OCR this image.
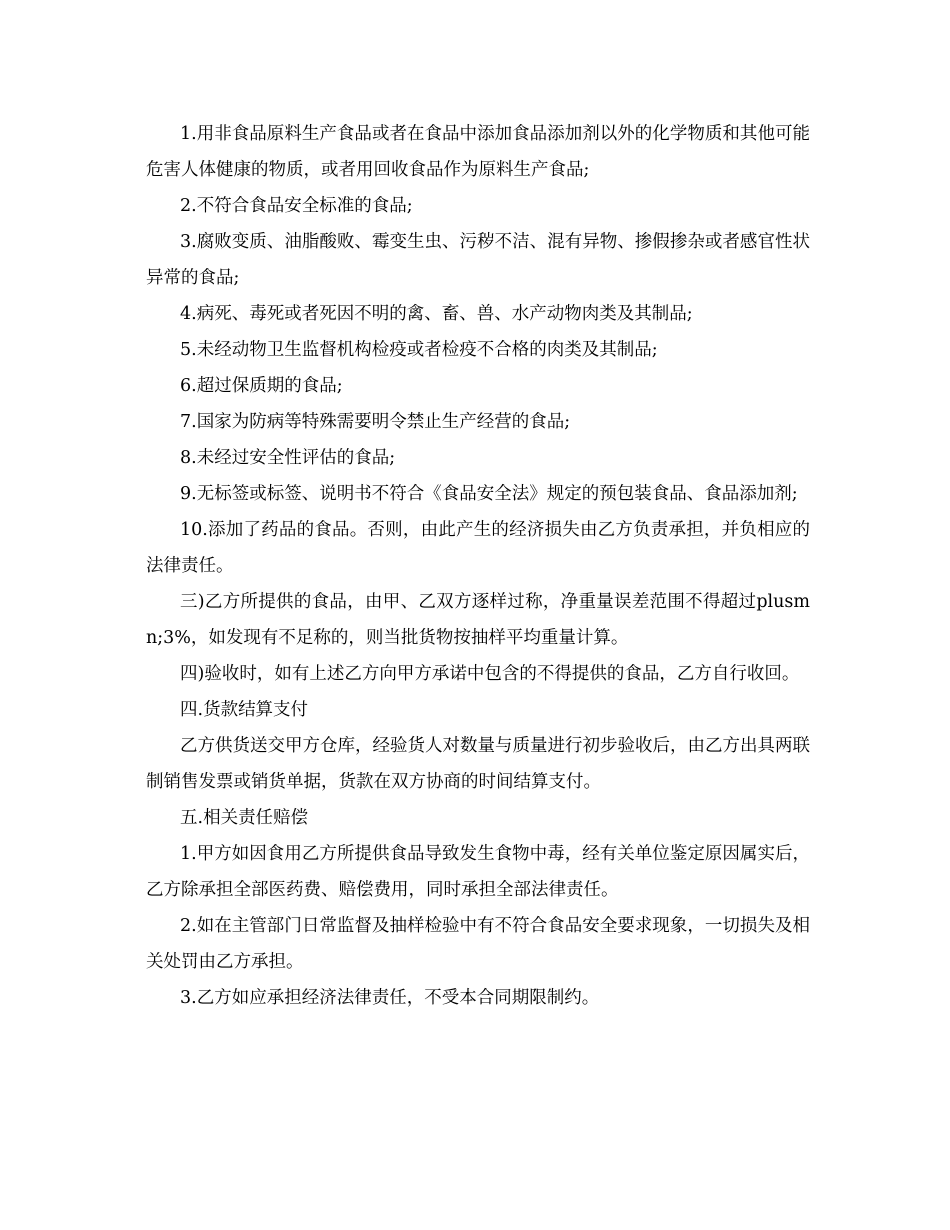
1.用非食品原料生产食品或者在食品中添加食品添加剂以外的化学物质和其他可能危害人体健康的物质，或者用回收食品作为原料生产食品;

2.不符合食品安全标准的食品;

3.腐败变质、油脂酸败、霉变生虫、污秽不洁、混有异物、掺假掺杂或者感官性状异常的食品;

4.病死、毒死或者死因不明的禽、畜、兽、水产动物肉类及其制品;

5.未经动物卫生监督机构检疫或者检疫不合格的肉类及其制品;

6.超过保质期的食品;

7.国家为防病等特殊需要明令禁止生产经营的食品;

8.未经过安全性评估的食品;

9.无标签或标签、说明书不符合《食品安全法》规定的预包装食品、食品添加剂;

10.添加了药品的食品。否则，由此产生的经济损失由乙方负责承担，并负相应的法律责任。

三)乙方所提供的食品，由甲、乙双方逐样过称，净重量误差范围不得超过plusmn;3%，如发现有不足称的，则当批货物按抽样平均重量计算。

四)验收时，如有上述乙方向甲方承诺中包含的不得提供的食品，乙方自行收回。

四.货款结算支付

乙方供货送交甲方仓库，经验货人对数量与质量进行初步验收后，由乙方出具两联制销售发票或销货单据，货款在双方协商的时间结算支付。

五.相关责任赔偿

1.甲方如因食用乙方所提供食品导致发生食物中毒，经有关单位鉴定原因属实后，乙方除承担全部医药费、赔偿费用，同时承担全部法律责任。

2.如在主管部门日常监督及抽样检验中有不符合食品安全要求现象，一切损失及相关处罚由乙方承担。

3.乙方如应承担经济法律责任，不受本合同期限制约。
